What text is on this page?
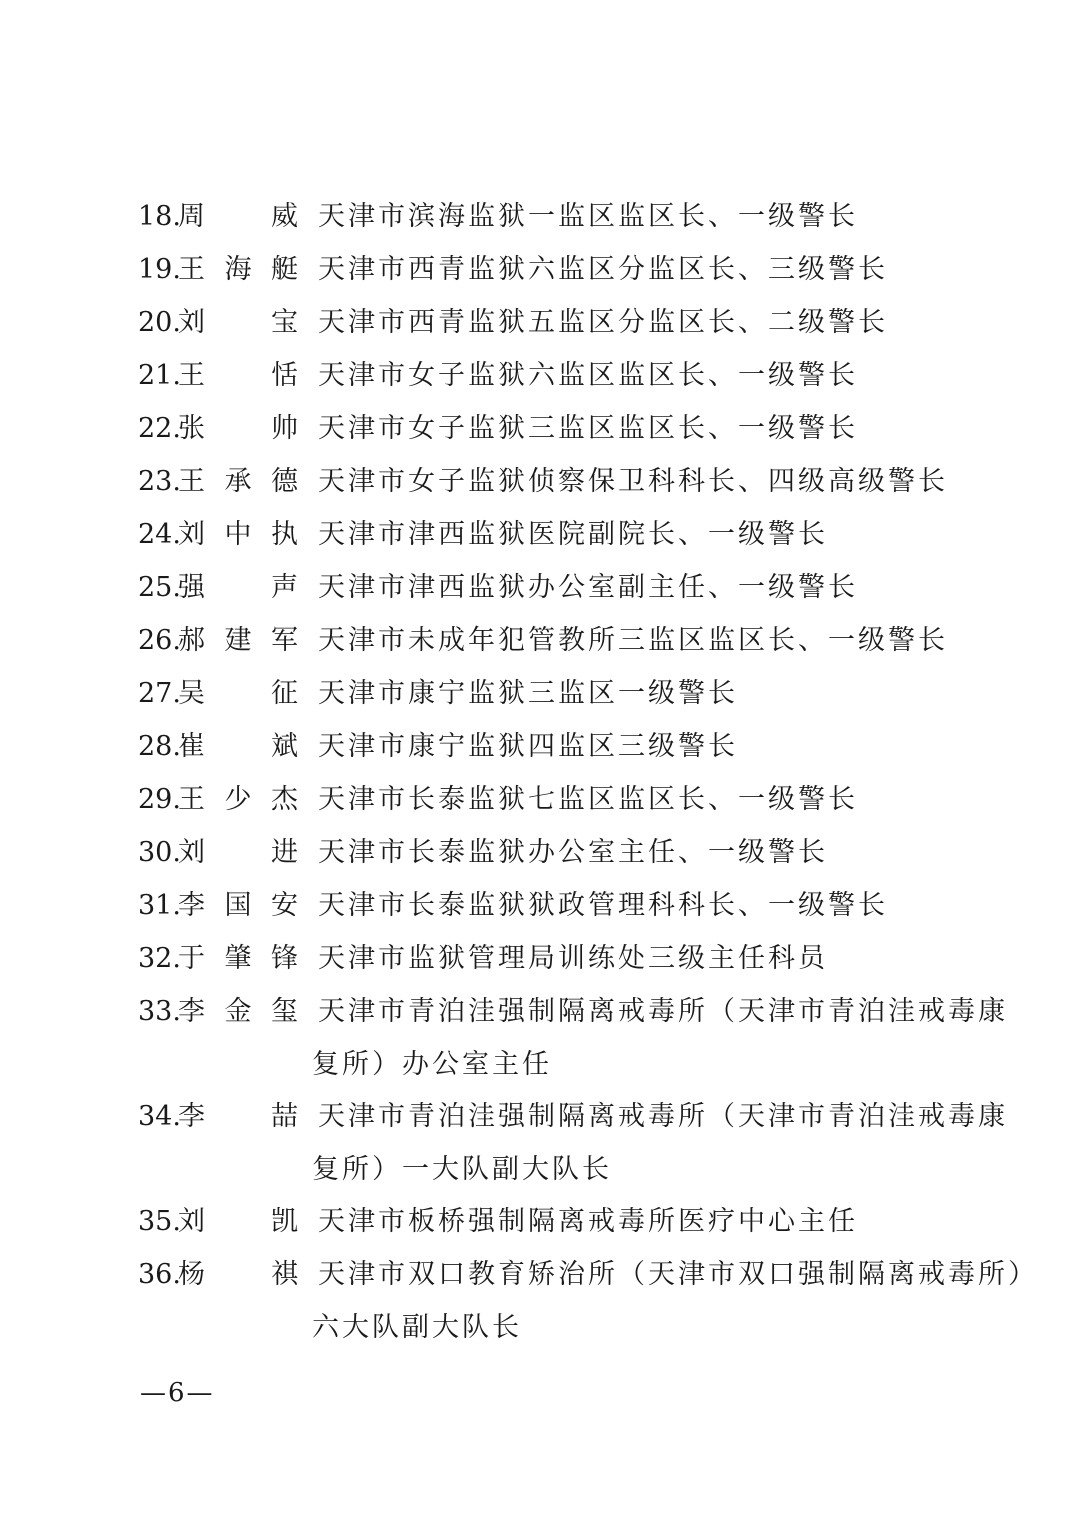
18.
周 威 天津市滨海监狱一监区监区长、一级警长
19.
王 海 艇 天津市西青监狱六监区分监区长、三级警长
20.
刘 宝 天津市西青监狱五监区分监区长、二级警长
21.
王 恬 天津市女子监狱六监区监区长、一级警长
22.
张 帅 天津市女子监狱三监区监区长、一级警长
23.
王 承 德 天津市女子监狱侦察保卫科科长、四级高级警长
24.
刘 中 执 天津市津西监狱医院副院长、一级警长
25.
强 声 天津市津西监狱办公室副主任、一级警长
26.
郝 建 军 天津市未成年犯管教所三监区监区长、一级警长
27.
吴 征 天津市康宁监狱三监区一级警长
28.
崔 斌 天津市康宁监狱四监区三级警长
29.
王 少 杰 天津市长泰监狱七监区监区长、一级警长
30.
刘 进 天津市长泰监狱办公室主任、一级警长
31.
李 国 安 天津市长泰监狱狱政管理科科长、一级警长
32.
于 肇 锋 天津市监狱管理局训练处三级主任科员
33.
李 金 玺 天津市青泊洼强制隔离戒毒所（天津市青泊洼戒毒康
复所）办公室主任
34.
李 喆 天津市青泊洼强制隔离戒毒所（天津市青泊洼戒毒康
复所）一大队副大队长
35.
刘 凯 天津市板桥强制隔离戒毒所医疗中心主任
36.
杨 祺 天津市双口教育矫治所（天津市双口强制隔离戒毒所）
六大队副大队长
—6—
